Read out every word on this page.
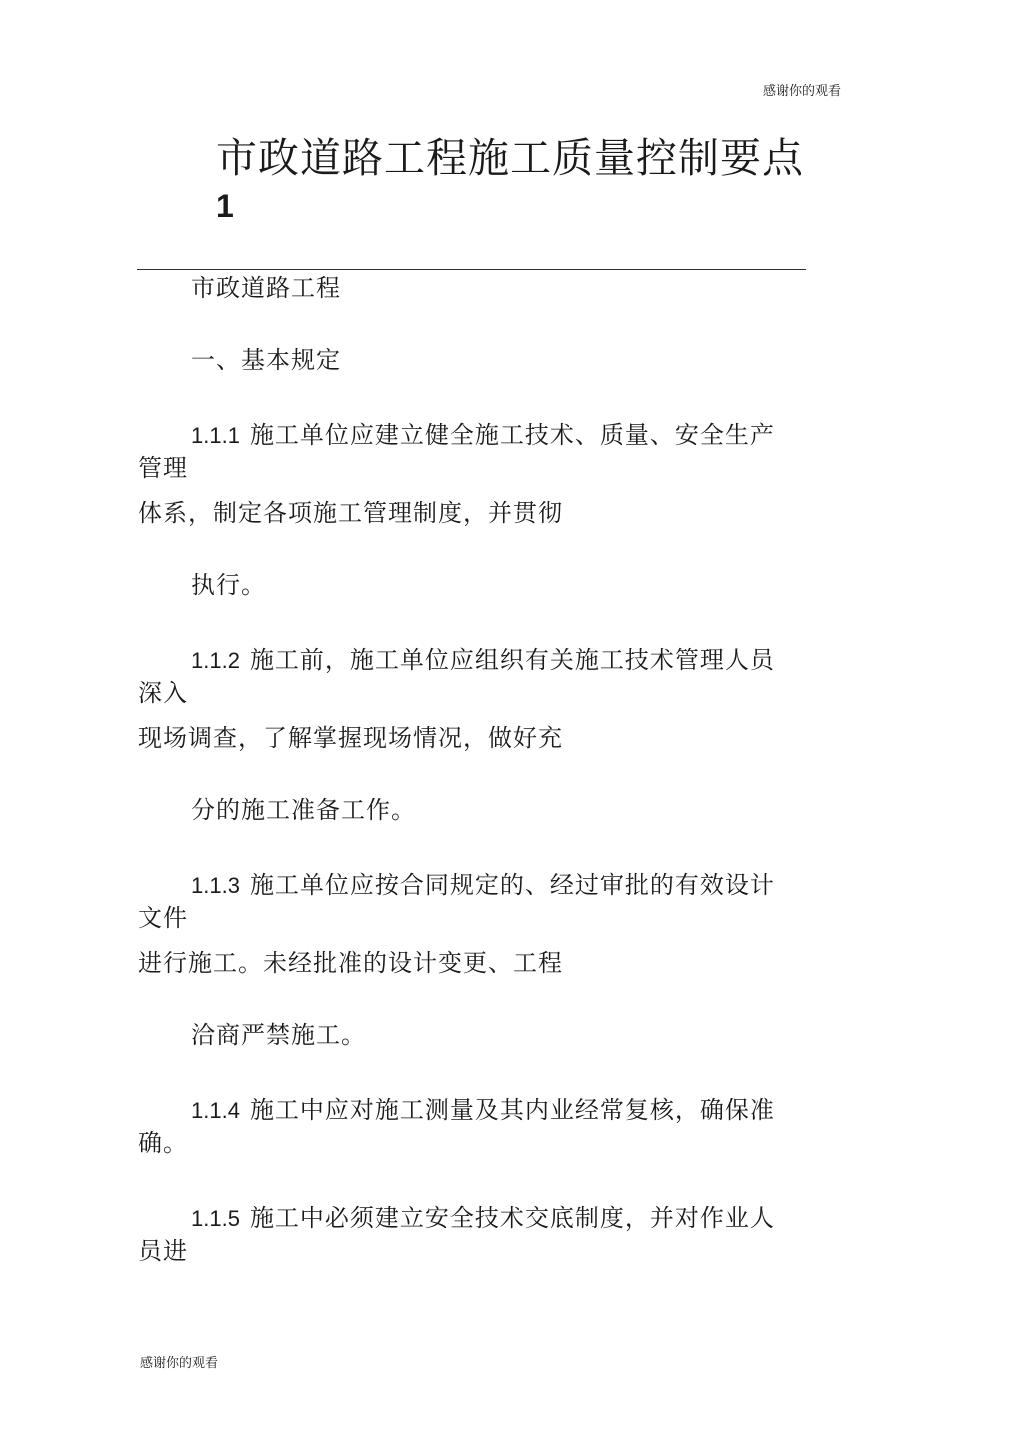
感谢你的观看
市政道路工程施工质量控制要点
1
市政道路工程
一、基本规定
1.1.1 施工单位应建立健全施工技术、质量、安全生产
管理
体系，制定各项施工管理制度，并贯彻
执行。
1.1.2 施工前，施工单位应组织有关施工技术管理人员
深入
现场调查，了解掌握现场情况，做好充
分的施工准备工作。
1.1.3 施工单位应按合同规定的、经过审批的有效设计
文件
进行施工。未经批准的设计变更、工程
洽商严禁施工。
1.1.4 施工中应对施工测量及其内业经常复核，确保准
确。
1.1.5 施工中必须建立安全技术交底制度，并对作业人
员进
感谢你的观看
